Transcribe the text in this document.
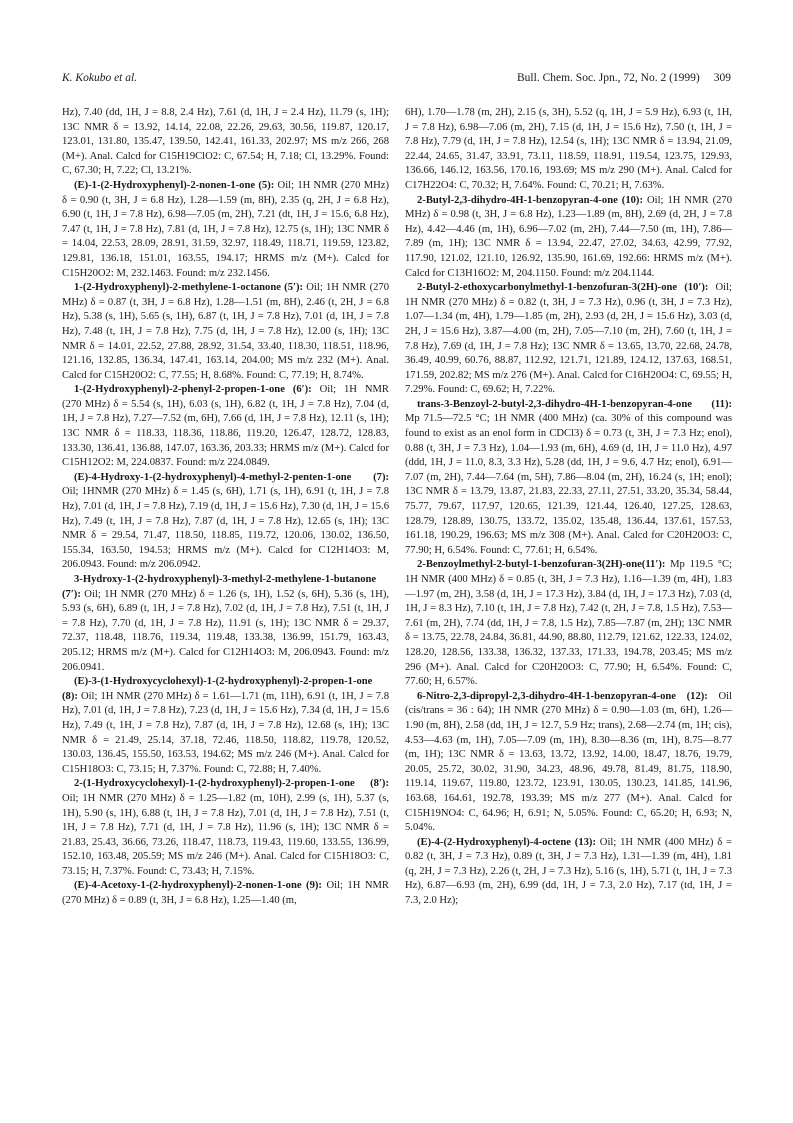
K. Kokubo et al.	Bull. Chem. Soc. Jpn., 72, No. 2 (1999) 309

Hz), 7.40 (dd, 1H, J = 8.8, 2.4 Hz), 7.61 (d, 1H, J = 2.4 Hz), 11.79 (s, 1H); 13C NMR δ = 13.92, 14.14, 22.08, 22.26, 29.63, 30.56, 119.87, 120.17, 123.01, 131.80, 135.47, 139.50, 142.41, 161.33, 202.97; MS m/z 266, 268 (M+). Anal. Calcd for C15H19ClO2: C, 67.54; H, 7.18; Cl, 13.29%. Found: C, 67.30; H, 7.22; Cl, 13.21%.

(E)-1-(2-Hydroxyphenyl)-2-nonen-1-one (5): Oil; 1H NMR (270 MHz) δ = 0.90 (t, 3H, J = 6.8 Hz), 1.28—1.59 (m, 8H), 2.35 (q, 2H, J = 6.8 Hz), 6.90 (t, 1H, J = 7.8 Hz), 6.98—7.05 (m, 2H), 7.21 (dt, 1H, J = 15.6, 6.8 Hz), 7.47 (t, 1H, J = 7.8 Hz), 7.81 (d, 1H, J = 7.8 Hz), 12.75 (s, 1H); 13C NMR δ = 14.04, 22.53, 28.09, 28.91, 31.59, 32.97, 118.49, 118.71, 119.59, 123.82, 129.81, 136.18, 151.01, 163.55, 194.17; HRMS m/z (M+). Calcd for C15H20O2: M, 232.1463. Found: m/z 232.1456.

1-(2-Hydroxyphenyl)-2-methylene-1-octanone (5′): Oil; 1H NMR (270 MHz) δ = 0.87 (t, 3H, J = 6.8 Hz), 1.28—1.51 (m, 8H), 2.46 (t, 2H, J = 6.8 Hz), 5.38 (s, 1H), 5.65 (s, 1H), 6.87 (t, 1H, J = 7.8 Hz), 7.01 (d, 1H, J = 7.8 Hz), 7.48 (t, 1H, J = 7.8 Hz), 7.75 (d, 1H, J = 7.8 Hz), 12.00 (s, 1H); 13C NMR δ = 14.01, 22.52, 27.88, 28.92, 31.54, 33.40, 118.30, 118.51, 118.96, 121.16, 132.85, 136.34, 147.41, 163.14, 204.00; MS m/z 232 (M+). Anal. Calcd for C15H20O2: C, 77.55; H, 8.68%. Found: C, 77.19; H, 8.74%.

1-(2-Hydroxyphenyl)-2-phenyl-2-propen-1-one (6′): Oil; 1H NMR (270 MHz) δ = 5.54 (s, 1H), 6.03 (s, 1H), 6.82 (t, 1H, J = 7.8 Hz), 7.04 (d, 1H, J = 7.8 Hz), 7.27—7.52 (m, 6H), 7.66 (d, 1H, J = 7.8 Hz), 12.11 (s, 1H); 13C NMR δ = 118.33, 118.36, 118.86, 119.20, 126.47, 128.72, 128.83, 133.30, 136.41, 136.88, 147.07, 163.36, 203.33; HRMS m/z (M+). Calcd for C15H12O2: M, 224.0837. Found: m/z 224.0849.

(E)-4-Hydroxy-1-(2-hydroxyphenyl)-4-methyl-2-penten-1-one (7): Oil; 1HNMR (270 MHz) δ = 1.45 (s, 6H), 1.71 (s, 1H), 6.91 (t, 1H, J = 7.8 Hz), 7.01 (d, 1H, J = 7.8 Hz), 7.19 (d, 1H, J = 15.6 Hz), 7.30 (d, 1H, J = 15.6 Hz), 7.49 (t, 1H, J = 7.8 Hz), 7.87 (d, 1H, J = 7.8 Hz), 12.65 (s, 1H); 13C NMR δ = 29.54, 71.47, 118.50, 118.85, 119.72, 120.06, 130.02, 136.50, 155.34, 163.50, 194.53; HRMS m/z (M+). Calcd for C12H14O3: M, 206.0943. Found: m/z 206.0942.

3-Hydroxy-1-(2-hydroxyphenyl)-3-methyl-2-methylene-1-butanone (7′): Oil; 1H NMR (270 MHz) δ = 1.26 (s, 1H), 1.52 (s, 6H), 5.36 (s, 1H), 5.93 (s, 6H), 6.89 (t, 1H, J = 7.8 Hz), 7.02 (d, 1H, J = 7.8 Hz), 7.51 (t, 1H, J = 7.8 Hz), 7.70 (d, 1H, J = 7.8 Hz), 11.91 (s, 1H); 13C NMR δ = 29.37, 72.37, 118.48, 118.76, 119.34, 119.48, 133.38, 136.99, 151.79, 163.43, 205.12; HRMS m/z (M+). Calcd for C12H14O3: M, 206.0943. Found: m/z 206.0941.

(E)-3-(1-Hydroxycyclohexyl)-1-(2-hydroxyphenyl)-2-propen-1-one (8): Oil; 1H NMR (270 MHz) δ = 1.61—1.71 (m, 11H), 6.91 (t, 1H, J = 7.8 Hz), 7.01 (d, 1H, J = 7.8 Hz), 7.23 (d, 1H, J = 15.6 Hz), 7.34 (d, 1H, J = 15.6 Hz), 7.49 (t, 1H, J = 7.8 Hz), 7.87 (d, 1H, J = 7.8 Hz), 12.68 (s, 1H); 13C NMR δ = 21.49, 25.14, 37.18, 72.46, 118.50, 118.82, 119.78, 120.52, 130.03, 136.45, 155.50, 163.53, 194.62; MS m/z 246 (M+). Anal. Calcd for C15H18O3: C, 73.15; H, 7.37%. Found: C, 72.88; H, 7.40%.

2-(1-Hydroxycyclohexyl)-1-(2-hydroxyphenyl)-2-propen-1-one (8′): Oil; 1H NMR (270 MHz) δ = 1.25—1.82 (m, 10H), 2.99 (s, 1H), 5.37 (s, 1H), 5.90 (s, 1H), 6.88 (t, 1H, J = 7.8 Hz), 7.01 (d, 1H, J = 7.8 Hz), 7.51 (t, 1H, J = 7.8 Hz), 7.71 (d, 1H, J = 7.8 Hz), 11.96 (s, 1H); 13C NMR δ = 21.83, 25.43, 36.66, 73.26, 118.47, 118.73, 119.43, 119.60, 133.55, 136.99, 152.10, 163.48, 205.59; MS m/z 246 (M+). Anal. Calcd for C15H18O3: C, 73.15; H, 7.37%. Found: C, 73.43; H, 7.15%.

(E)-4-Acetoxy-1-(2-hydroxyphenyl)-2-nonen-1-one (9): Oil; 1H NMR (270 MHz) δ = 0.89 (t, 3H, J = 6.8 Hz), 1.25—1.40 (m,

6H), 1.70—1.78 (m, 2H), 2.15 (s, 3H), 5.52 (q, 1H, J = 5.9 Hz), 6.93 (t, 1H, J = 7.8 Hz), 6.98—7.06 (m, 2H), 7.15 (d, 1H, J = 15.6 Hz), 7.50 (t, 1H, J = 7.8 Hz), 7.79 (d, 1H, J = 7.8 Hz), 12.54 (s, 1H); 13C NMR δ = 13.94, 21.09, 22.44, 24.65, 31.47, 33.91, 73.11, 118.59, 118.91, 119.54, 123.75, 129.93, 136.66, 146.12, 163.56, 170.16, 193.69; MS m/z 290 (M+). Anal. Calcd for C17H22O4: C, 70.32; H, 7.64%. Found: C, 70.21; H, 7.63%.

2-Butyl-2,3-dihydro-4H-1-benzopyran-4-one (10): Oil; 1H NMR (270 MHz) δ = 0.98 (t, 3H, J = 6.8 Hz), 1.23—1.89 (m, 8H), 2.69 (d, 2H, J = 7.8 Hz), 4.42—4.46 (m, 1H), 6.96—7.02 (m, 2H), 7.44—7.50 (m, 1H), 7.86—7.89 (m, 1H); 13C NMR δ = 13.94, 22.47, 27.02, 34.63, 42.99, 77.92, 117.90, 121.02, 121.10, 126.92, 135.90, 161.69, 192.66: HRMS m/z (M+). Calcd for C13H16O2: M, 204.1150. Found: m/z 204.1144.

2-Butyl-2-ethoxycarbonylmethyl-1-benzofuran-3(2H)-one (10′): Oil; 1H NMR (270 MHz) δ = 0.82 (t, 3H, J = 7.3 Hz), 0.96 (t, 3H, J = 7.3 Hz), 1.07—1.34 (m, 4H), 1.79—1.85 (m, 2H), 2.93 (d, 2H, J = 15.6 Hz), 3.03 (d, 2H, J = 15.6 Hz), 3.87—4.00 (m, 2H), 7.05—7.10 (m, 2H), 7.60 (t, 1H, J = 7.8 Hz), 7.69 (d, 1H, J = 7.8 Hz); 13C NMR δ = 13.65, 13.70, 22.68, 24.78, 36.49, 40.99, 60.76, 88.87, 112.92, 121.71, 121.89, 124.12, 137.63, 168.51, 171.59, 202.82; MS m/z 276 (M+). Anal. Calcd for C16H20O4: C, 69.55; H, 7.29%. Found: C, 69.62; H, 7.22%.

trans-3-Benzoyl-2-butyl-2,3-dihydro-4H-1-benzopyran-4-one (11): Mp 71.5—72.5 °C; 1H NMR (400 MHz) (ca. 30% of this compound was found to exist as an enol form in CDCl3) δ = 0.73 (t, 3H, J = 7.3 Hz; enol), 0.88 (t, 3H, J = 7.3 Hz), 1.04—1.93 (m, 6H), 4.69 (d, 1H, J = 11.0 Hz), 4.97 (ddd, 1H, J = 11.0, 8.3, 3.3 Hz), 5.28 (dd, 1H, J = 9.6, 4.7 Hz; enol), 6.91—7.07 (m, 2H), 7.44—7.64 (m, 5H), 7.86—8.04 (m, 2H), 16.24 (s, 1H; enol); 13C NMR δ = 13.79, 13.87, 21.83, 22.33, 27.11, 27.51, 33.20, 35.34, 58.44, 75.77, 79.67, 117.97, 120.65, 121.39, 121.44, 126.40, 127.25, 128.63, 128.79, 128.89, 130.75, 133.72, 135.02, 135.48, 136.44, 137.61, 157.53, 161.18, 190.29, 196.63; MS m/z 308 (M+). Anal. Calcd for C20H20O3: C, 77.90; H, 6.54%. Found: C, 77.61; H, 6.54%.

2-Benzoylmethyl-2-butyl-1-benzofuran-3(2H)-one(11′): Mp 119.5 °C; 1H NMR (400 MHz) δ = 0.85 (t, 3H, J = 7.3 Hz), 1.16—1.39 (m, 4H), 1.83—1.97 (m, 2H), 3.58 (d, 1H, J = 17.3 Hz), 3.84 (d, 1H, J = 17.3 Hz), 7.03 (d, 1H, J = 8.3 Hz), 7.10 (t, 1H, J = 7.8 Hz), 7.42 (t, 2H, J = 7.8, 1.5 Hz), 7.53—7.61 (m, 2H), 7.74 (dd, 1H, J = 7.8, 1.5 Hz), 7.85—7.87 (m, 2H); 13C NMR δ = 13.75, 22.78, 24.84, 36.81, 44.90, 88.80, 112.79, 121.62, 122.33, 124.02, 128.20, 128.56, 133.38, 136.32, 137.33, 171.33, 194.78, 203.45; MS m/z 296 (M+). Anal. Calcd for C20H20O3: C, 77.90; H, 6.54%. Found: C, 77.60; H, 6.57%.

6-Nitro-2,3-dipropyl-2,3-dihydro-4H-1-benzopyran-4-one (12): Oil (cis/trans = 36 : 64); 1H NMR (270 MHz) δ = 0.90—1.03 (m, 6H), 1.26—1.90 (m, 8H), 2.58 (dd, 1H, J = 12.7, 5.9 Hz; trans), 2.68—2.74 (m, 1H; cis), 4.53—4.63 (m, 1H), 7.05—7.09 (m, 1H), 8.30—8.36 (m, 1H), 8.75—8.77 (m, 1H); 13C NMR δ = 13.63, 13.72, 13.92, 14.00, 18.47, 18.76, 19.79, 20.05, 25.72, 30.02, 31.90, 34.23, 48.96, 49.78, 81.49, 81.75, 118.90, 119.14, 119.67, 119.80, 123.72, 123.91, 130.05, 130.23, 141.85, 141.96, 163.68, 164.61, 192.78, 193.39; MS m/z 277 (M+). Anal. Calcd for C15H19NO4: C, 64.96; H, 6.91; N, 5.05%. Found: C, 65.20; H, 6.93; N, 5.04%.

(E)-4-(2-Hydroxyphenyl)-4-octene (13): Oil; 1H NMR (400 MHz) δ = 0.82 (t, 3H, J = 7.3 Hz), 0.89 (t, 3H, J = 7.3 Hz), 1.31—1.39 (m, 4H), 1.81 (q, 2H, J = 7.3 Hz), 2.26 (t, 2H, J = 7.3 Hz), 5.16 (s, 1H), 5.71 (t, 1H, J = 7.3 Hz), 6.87—6.93 (m, 2H), 6.99 (dd, 1H, J = 7.3, 2.0 Hz), 7.17 (td, 1H, J = 7.3, 2.0 Hz);
